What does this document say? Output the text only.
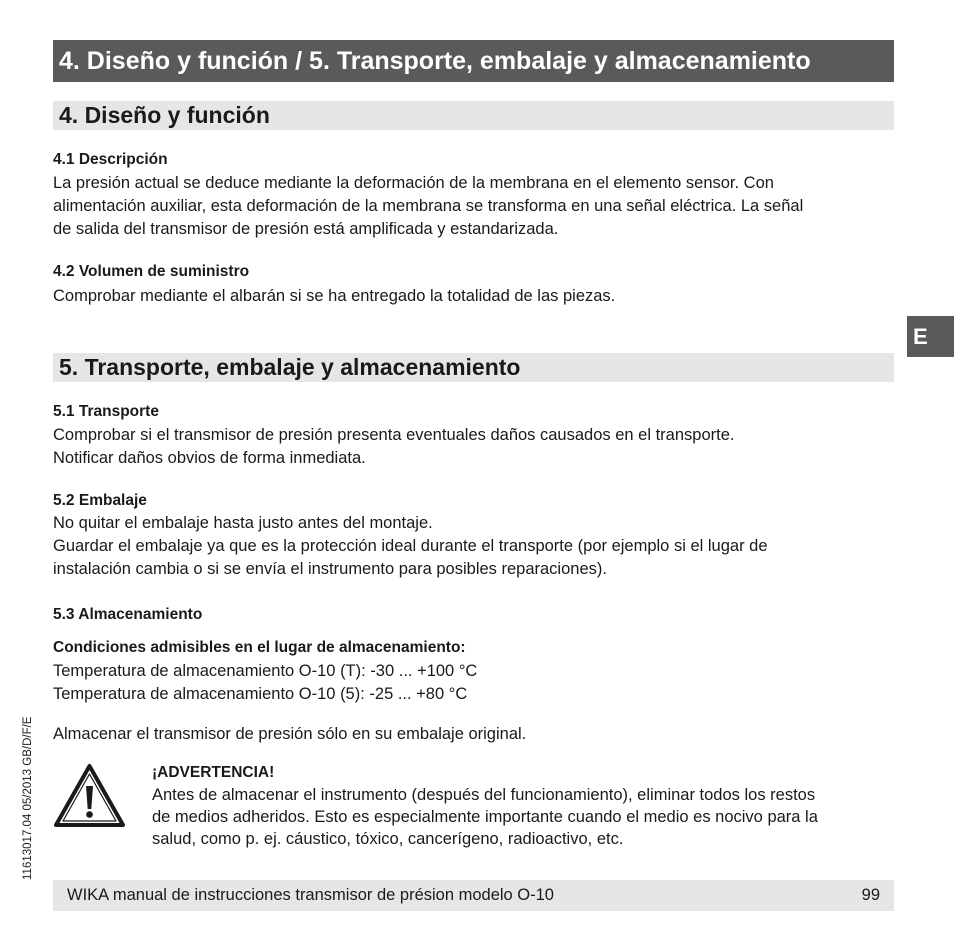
4. Diseño y función / 5. Transporte, embalaje y almacenamiento
4. Diseño y función
4.1 Descripción
La presión actual se deduce mediante la deformación de la membrana en el elemento sensor. Con
alimentación auxiliar, esta deformación de la membrana se transforma en una señal eléctrica. La señal
de salida del transmisor de presión está amplificada y estandarizada.
4.2 Volumen de suministro
Comprobar mediante el albarán si se ha entregado la totalidad de las piezas.
E
5. Transporte, embalaje y almacenamiento
5.1 Transporte
Comprobar si el transmisor de presión presenta eventuales daños causados en el transporte.
Notificar daños obvios de forma inmediata.
5.2 Embalaje
No quitar el embalaje hasta justo antes del montaje.
Guardar el embalaje ya que es la protección ideal durante el transporte (por ejemplo si el lugar de
instalación cambia o si se envía el instrumento para posibles reparaciones).
5.3 Almacenamiento
Condiciones admisibles en el lugar de almacenamiento:
Temperatura de almacenamiento O-10 (T): -30 ... +100 °C
Temperatura de almacenamiento O-10 (5): -25 ... +80 °C
Almacenar el transmisor de presión sólo en su embalaje original.
¡ADVERTENCIA!
Antes de almacenar el instrumento (después del funcionamiento), eliminar todos los restos
de medios adheridos. Esto es especialmente importante cuando el medio es nocivo para la
salud, como p. ej. cáustico, tóxico, cancerígeno, radioactivo, etc.
11613017.04 05/2013 GB/D/F/E
WIKA manual de instrucciones transmisor de présion modelo O-10	99
